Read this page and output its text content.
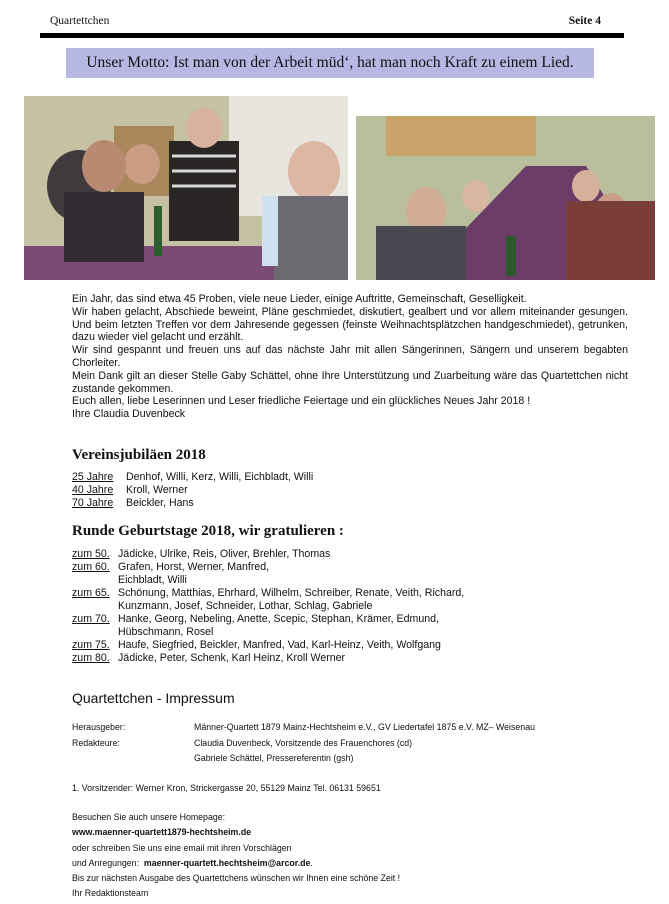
Quartettchen	Seite 4
Unser Motto: Ist man von der Arbeit müd‘, hat man noch Kraft zu einem Lied.

Ein Jahr, das sind etwa 45 Proben, viele neue Lieder, einige Auftritte, Gemeinschaft, Geselligkeit.

Wir haben gelacht, Abschiede beweint, Pläne geschmiedet, diskutiert, gealbert und vor allem miteinander gesungen. Und beim letzten Treffen vor dem Jahresende gegessen (feinste Weihnachtsplätzchen handgeschmiedet), getrunken, dazu wieder viel gelacht und erzählt.

Wir sind gespannt und freuen uns auf das nächste Jahr mit allen Sängerinnen, Sängern und unserem begabten Chorleiter.

Mein Dank gilt an dieser Stelle Gaby Schättel, ohne Ihre Unterstützung und Zuarbeitung wäre das Quartettchen nicht zustande gekommen.

Euch allen, liebe Leserinnen und Leser friedliche Feiertage und ein glückliches Neues Jahr 2018 !

Ihre Claudia Duvenbeck

Vereinsjubiläen 2018
25 Jahre Denhof, Willi, Kerz, Willi, Eichbladt, Willi
40 Jahre Kroll, Werner
70 Jahre Beickler, Hans
Runde Geburtstage 2018, wir gratulieren :
zum 50. Jädicke, Ulrike, Reis, Oliver, Brehler, Thomas
zum 60. Grafen, Horst, Werner, Manfred,
Eichbladt, Willi
zum 65. Schönung, Matthias, Ehrhard, Wilhelm, Schreiber, Renate, Veith, Richard,
Kunzmann, Josef, Schneider, Lothar, Schlag, Gabriele
zum 70. Hanke, Georg, Nebeling, Anette, Scepic, Stephan, Krämer, Edmund,
Hübschmann, Rosel
zum 75. Haufe, Siegfried, Beickler, Manfred, Vad, Karl-Heinz, Veith, Wolfgang
zum 80. Jädicke, Peter, Schenk, Karl Heinz, Kroll Werner
Quartettchen - Impressum
Herausgeber:	Männer-Quartett 1879 Mainz-Hechtsheim e.V., GV Liedertafel 1875 e.V. MZ– Weisenau
Redakteure:	Claudia Duvenbeck, Vorsitzende des Frauenchores (cd)
Gabriele Schättel, Pressereferentin (gsh)
1. Vorsitzender: Werner Kron, Strickergasse 20, 55129 Mainz Tel. 06131 59651
Besuchen Sie auch unsere Homepage:
www.maenner-quartett1879-hechtsheim.de
oder schreiben Sie uns eine email mit ihren Vorschlägen
und Anregungen: maenner-quartett.hechtsheim@arcor.de.
Bis zur nächsten Ausgabe des Quartettchens wünschen wir Ihnen eine schöne Zeit !
Ihr Redaktionsteam
